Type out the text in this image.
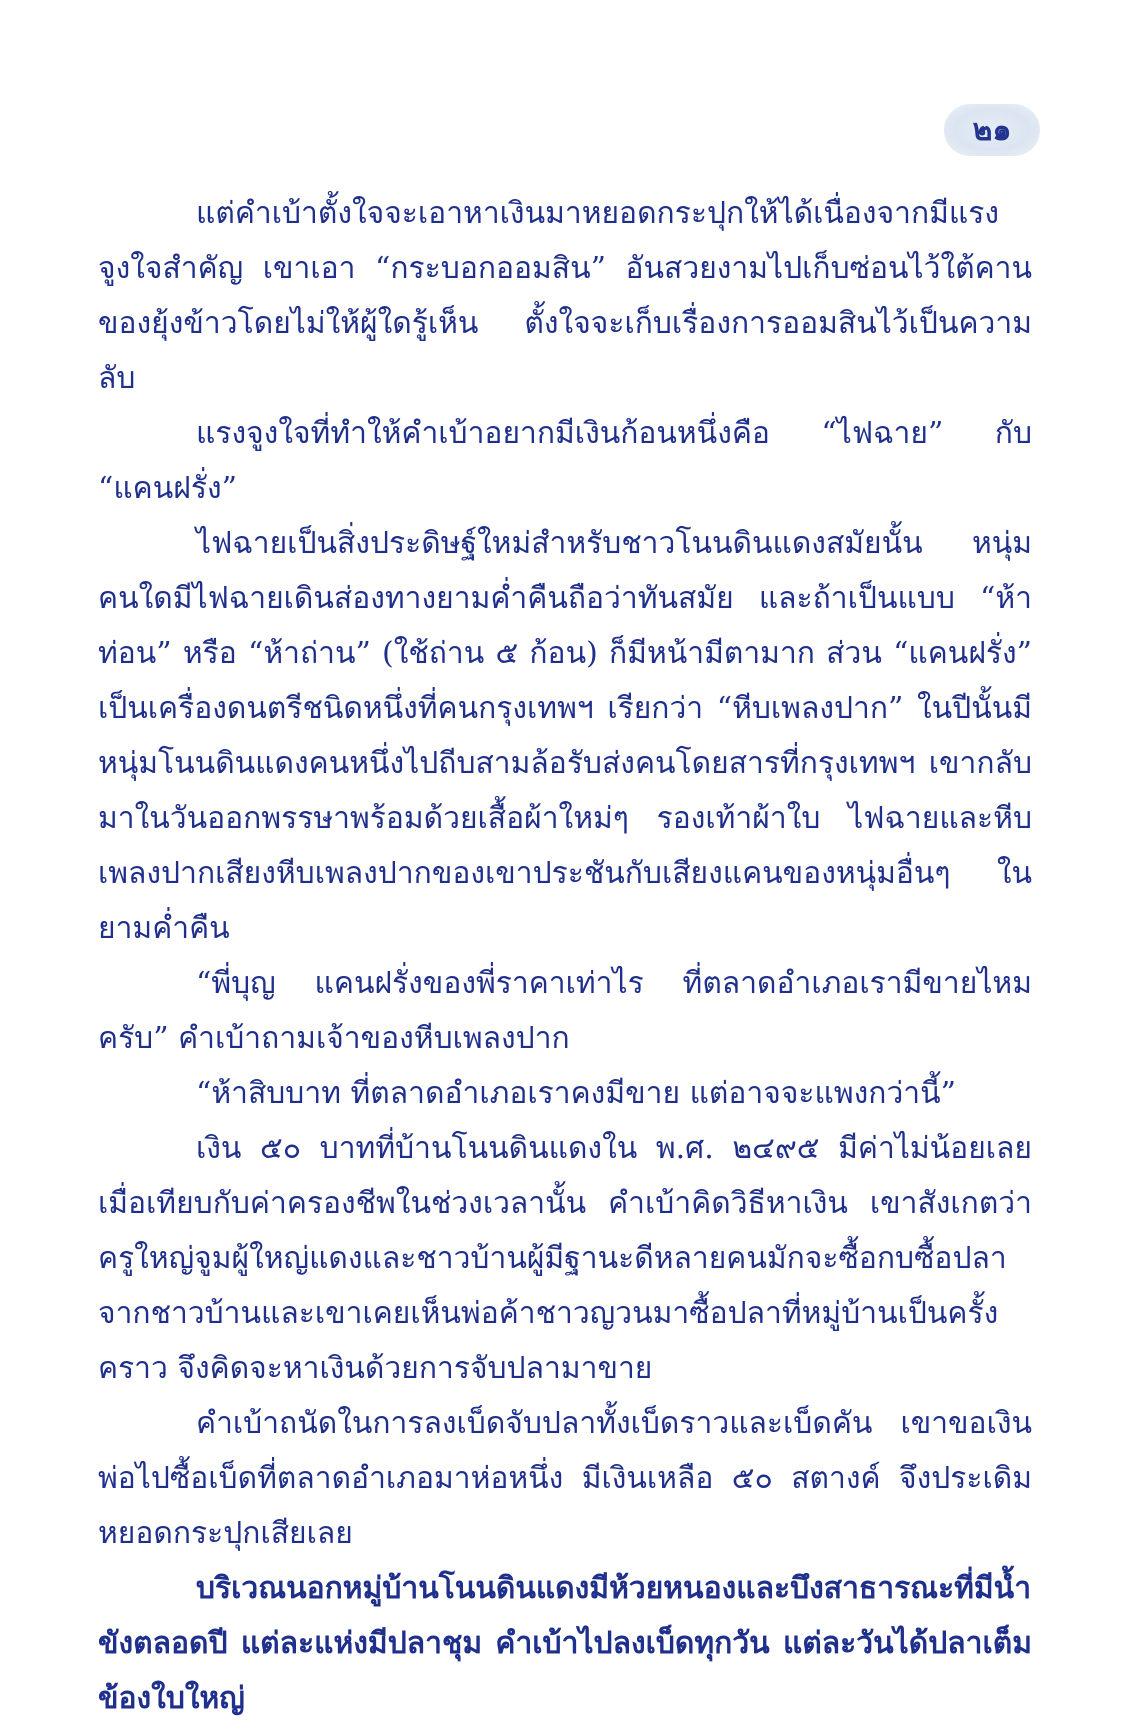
๒๑

แต่คำเบ้าตั้งใจจะเอาหาเงินมาหยอดกระปุกให้ได้เนื่องจากมีแรงจูงใจสำคัญ เขาเอา “กระบอกออมสิน” อันสวยงามไปเก็บซ่อนไว้ใต้คานของยุ้งข้าวโดยไม่ให้ผู้ใดรู้เห็น ตั้งใจจะเก็บเรื่องการออมสินไว้เป็นความลับ

แรงจูงใจที่ทำให้คำเบ้าอยากมีเงินก้อนหนึ่งคือ “ไฟฉาย” กับ “แคนฝรั่ง”

ไฟฉายเป็นสิ่งประดิษฐ์ใหม่สำหรับชาวโนนดินแดงสมัยนั้น หนุ่มคนใดมีไฟฉายเดินส่องทางยามค่ำคืนถือว่าทันสมัย และถ้าเป็นแบบ “ห้าท่อน” หรือ “ห้าถ่าน” (ใช้ถ่าน ๕ ก้อน) ก็มีหน้ามีตามาก ส่วน “แคนฝรั่ง” เป็นเครื่องดนตรีชนิดหนึ่งที่คนกรุงเทพฯ เรียกว่า “หีบเพลงปาก” ในปีนั้นมีหนุ่มโนนดินแดงคนหนึ่งไปถีบสามล้อรับส่งคนโดยสารที่กรุงเทพฯ เขากลับมาในวันออกพรรษาพร้อมด้วยเสื้อผ้าใหม่ๆ รองเท้าผ้าใบ ไฟฉายและหีบเพลงปากเสียงหีบเพลงปากของเขาประชันกับเสียงแคนของหนุ่มอื่นๆ ในยามค่ำคืน

“พี่บุญ แคนฝรั่งของพี่ราคาเท่าไร ที่ตลาดอำเภอเรามีขายไหมครับ” คำเบ้าถามเจ้าของหีบเพลงปาก

“ห้าสิบบาท ที่ตลาดอำเภอเราคงมีขาย แต่อาจจะแพงกว่านี้”

เงิน ๕๐ บาทที่บ้านโนนดินแดงใน พ.ศ. ๒๔๙๕ มีค่าไม่น้อยเลยเมื่อเทียบกับค่าครองชีพในช่วงเวลานั้น คำเบ้าคิดวิธีหาเงิน เขาสังเกตว่าครูใหญ่จูมผู้ใหญ่แดงและชาวบ้านผู้มีฐานะดีหลายคนมักจะซื้อกบซื้อปลาจากชาวบ้านและเขาเคยเห็นพ่อค้าชาวญวนมาซื้อปลาที่หมู่บ้านเป็นครั้งคราว จึงคิดจะหาเงินด้วยการจับปลามาขาย

คำเบ้าถนัดในการลงเบ็ดจับปลาทั้งเบ็ดราวและเบ็ดคัน เขาขอเงินพ่อไปซื้อเบ็ดที่ตลาดอำเภอมาห่อหนึ่ง มีเงินเหลือ ๕๐ สตางค์ จึงประเดิมหยอดกระปุกเสียเลย

บริเวณนอกหมู่บ้านโนนดินแดงมีห้วยหนองและบึงสาธารณะที่มีน้ำขังตลอดปี แต่ละแห่งมีปลาชุม คำเบ้าไปลงเบ็ดทุกวัน แต่ละวันได้ปลาเต็มข้องใบใหญ่
